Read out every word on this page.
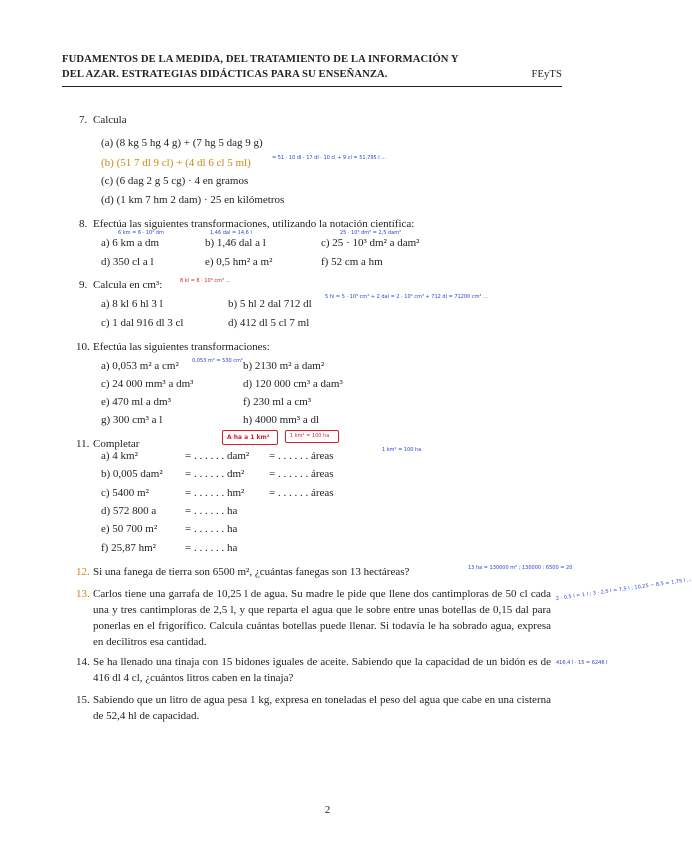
FUDAMENTOS DE LA MEDIDA, DEL TRATAMIENTO DE LA INFORMACIÓN Y
DEL AZAR. ESTRATEGIAS DIDÁCTICAS PARA SU ENSEÑANZA.	FEyTS
7. Calcula
(a) (8 kg 5 hg 4 g) + (7 hg 5 dag 9 g)
(b) (51 7 dl 9 cl) + (4 dl 6 cl 5 ml)	= 51 · 10 dl · 17 dl · 10 cl + 9 cl = 51,795 l ...
(c) (6 dag 2 g 5 cg) · 4 en gramos
(d) (1 km 7 hm 2 dam) · 25 en kilómetros
8. Efectúa las siguientes transformaciones, utilizando la notación científica:
6 km = 6 · 10⁴ dm	1,46 dal = 14,6 l	25 · 10³ dm² = 2,5 dam²
a) 6 km a dm	b) 1,46 dal a l	c) 25 · 10³ dm² a dam²
d) 350 cl a l	e) 0,5 hm² a m²	f) 52 cm a hm
9. Calcula en cm³:	8 kl = 8 · 10⁶ cm³ ...
a) 8 kl 6 hl 3 l	b) 5 hl 2 dal 712 dl
5 hl = 5 · 10⁵ cm³ + 2 dal = 2 · 10⁴ cm³ + 712 dl = 71200 cm³ ...
c) 1 dal 916 dl 3 cl	d) 412 dl 5 cl 7 ml
10. Efectúa las siguientes transformaciones:
a) 0,053 m² a cm²	0,053 m² = 530 cm² b) 2130 m² a dam²
c) 24 000 mm³ a dm³	d) 120 000 cm³ a dam³
e) 470 ml a dm³	f) 230 ml a cm³
g) 300 cm³ a l	h) 4000 mm³ a dl
11. Completar
A ha a 1 km²	1 km² = 100 ha
1 km² = 100 ha
a) 4 km²	= . . . . . . dam² = . . . . . . áreas
b) 0,005 dam² = . . . . . . dm² = . . . . . . áreas
c) 5400 m²	= . . . . . . hm² = . . . . . . áreas
d) 572 800 a	= . . . . . . ha
e) 50 700 m²	= . . . . . . ha
f) 25,87 hm²	= . . . . . . ha
12. Si una fanega de tierra son 6500 m², ¿cuántas fanegas son 13 hectáreas?	13 ha = 130000 m² ; 130000 : 6500 = 20
13. Carlos tiene una garrafa de 10,25 l de agua. Su madre le pide que llene dos cantimploras de 50 cl cada una y tres cantimploras de 2,5 l, y que reparta el agua que le sobre entre unas botellas de 0,15 dal para ponerlas en el frigorífico. Calcula cuántas botellas puede llenar. Si todavía le ha sobrado agua, expresa en decilitros esa cantidad.
2 · 0,5 l = 1 l ; 3 · 2,5 l = 7,5 l ; 10,25 − 8,5 = 1,75 l ...
14. Se ha llenado una tinaja con 15 bidones iguales de aceite. Sabiendo que la capacidad de un bidón es de 416 dl 4 cl, ¿cuántos litros caben en la tinaja?
416,4 l · 15 = 6246 l
15. Sabiendo que un litro de agua pesa 1 kg, expresa en toneladas el peso del agua que cabe en una cisterna de 52,4 hl de capacidad.
2
